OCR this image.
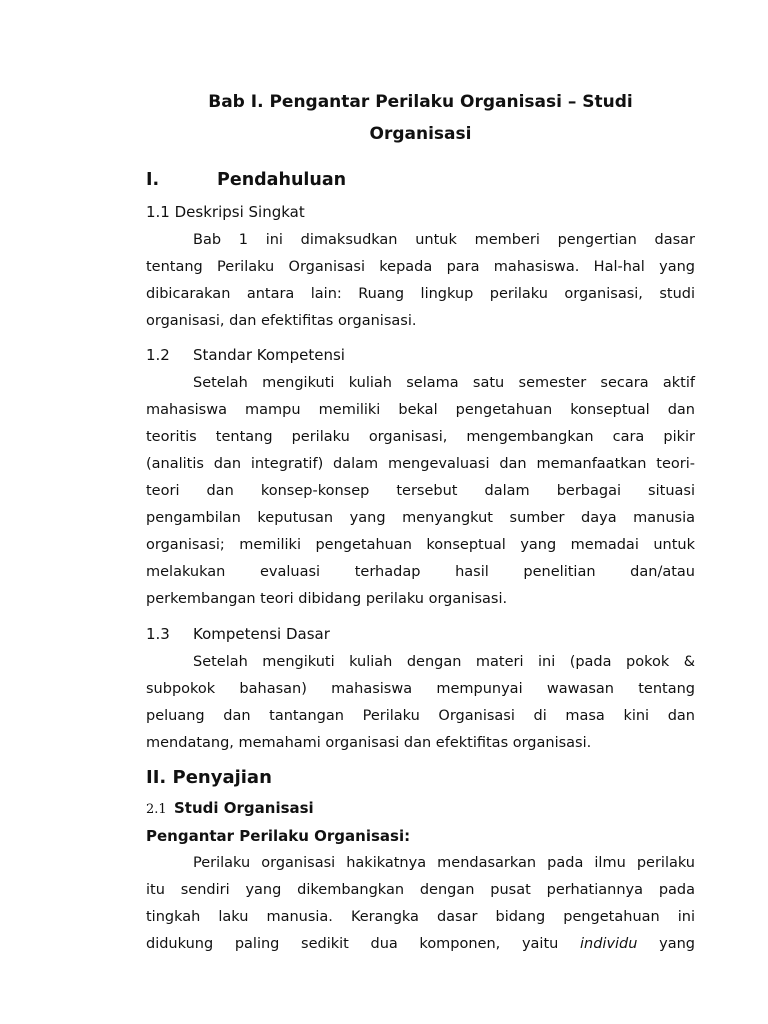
Bab I. Pengantar Perilaku Organisasi – Studi
Organisasi
I.	Pendahuluan
1.1 Deskripsi Singkat
Bab 1 ini dimaksudkan untuk memberi pengertian dasar
tentang Perilaku Organisasi kepada para mahasiswa. Hal-hal yang
dibicarakan antara lain: Ruang lingkup perilaku organisasi, studi
organisasi, dan efektifitas organisasi.
1.2 Standar Kompetensi
Setelah mengikuti kuliah selama satu semester secara aktif
mahasiswa mampu memiliki bekal pengetahuan konseptual dan
teoritis tentang perilaku organisasi, mengembangkan cara pikir
(analitis dan integratif) dalam mengevaluasi dan memanfaatkan teori-
teori dan konsep-konsep tersebut dalam berbagai situasi
pengambilan keputusan yang menyangkut sumber daya manusia
organisasi; memiliki pengetahuan konseptual yang memadai untuk
melakukan evaluasi terhadap hasil penelitian dan/atau
perkembangan teori dibidang perilaku organisasi.
1.3 Kompetensi Dasar
Setelah mengikuti kuliah dengan materi ini (pada pokok &
subpokok bahasan) mahasiswa mempunyai wawasan tentang
peluang dan tantangan Perilaku Organisasi di masa kini dan
mendatang, memahami organisasi dan efektifitas organisasi.
II. Penyajian
2.1 Studi Organisasi
Pengantar Perilaku Organisasi:
Perilaku organisasi hakikatnya mendasarkan pada ilmu perilaku
itu sendiri yang dikembangkan dengan pusat perhatiannya pada
tingkah laku manusia. Kerangka dasar bidang pengetahuan ini
didukung paling sedikit dua komponen, yaitu individu yang
